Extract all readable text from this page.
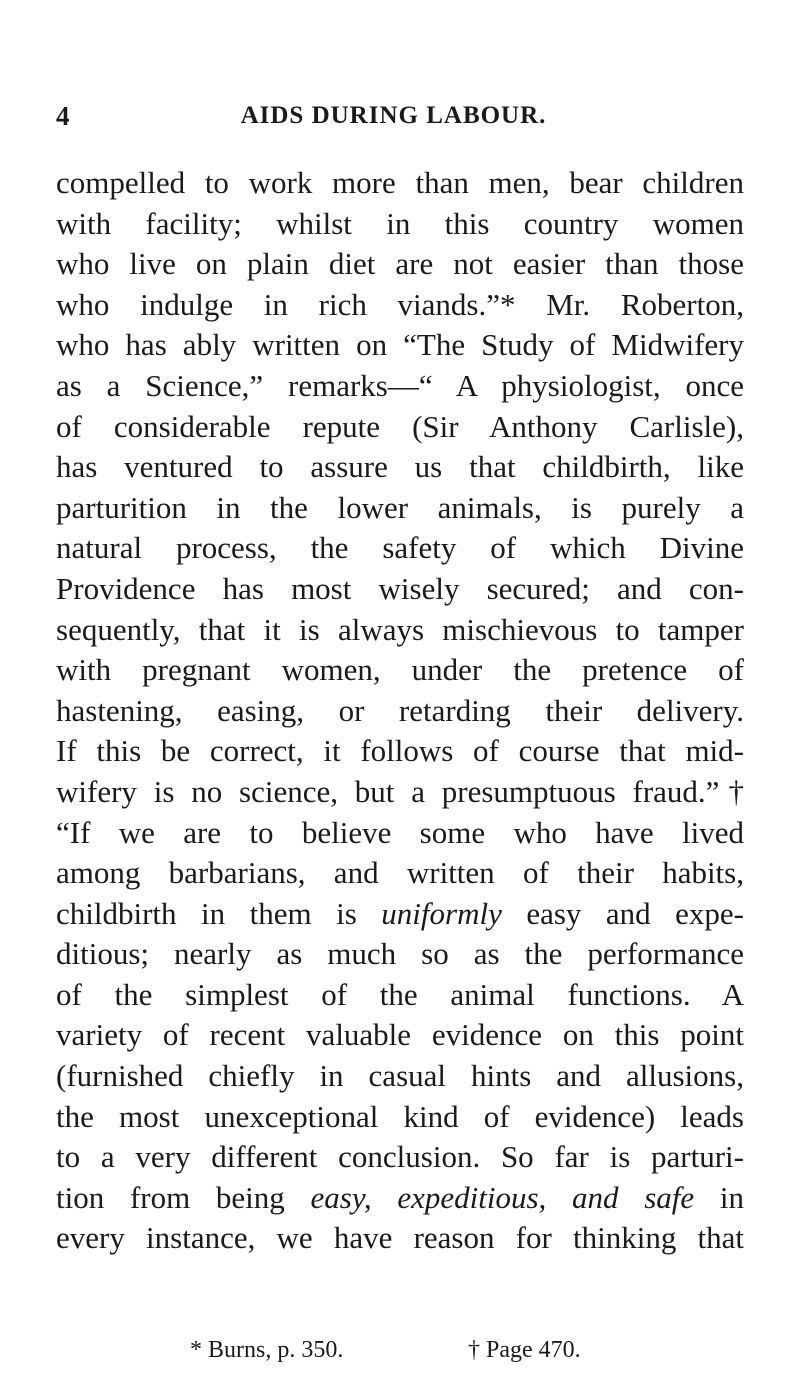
4	AIDS DURING LABOUR.
compelled to work more than men, bear children
with facility; whilst in this country women
who live on plain diet are not easier than those
who indulge in rich viands.”* Mr. Roberton,
who has ably written on “The Study of Midwifery
as a Science,” remarks—“ A physiologist, once
of considerable repute (Sir Anthony Carlisle),
has ventured to assure us that childbirth, like
parturition in the lower animals, is purely a
natural process, the safety of which Divine
Providence has most wisely secured; and con-
sequently, that it is always mischievous to tamper
with pregnant women, under the pretence of
hastening, easing, or retarding their delivery.
If this be correct, it follows of course that mid-
wifery is no science, but a presumptuous fraud.”†
“If we are to believe some who have lived
among barbarians, and written of their habits,
childbirth in them is uniformly easy and expe-
ditious; nearly as much so as the performance
of the simplest of the animal functions. A
variety of recent valuable evidence on this point
(furnished chiefly in casual hints and allusions,
the most unexceptional kind of evidence) leads
to a very different conclusion. So far is parturi-
tion from being easy, expeditious, and safe in
every instance, we have reason for thinking that
* Burns, p. 350.	† Page 470.
